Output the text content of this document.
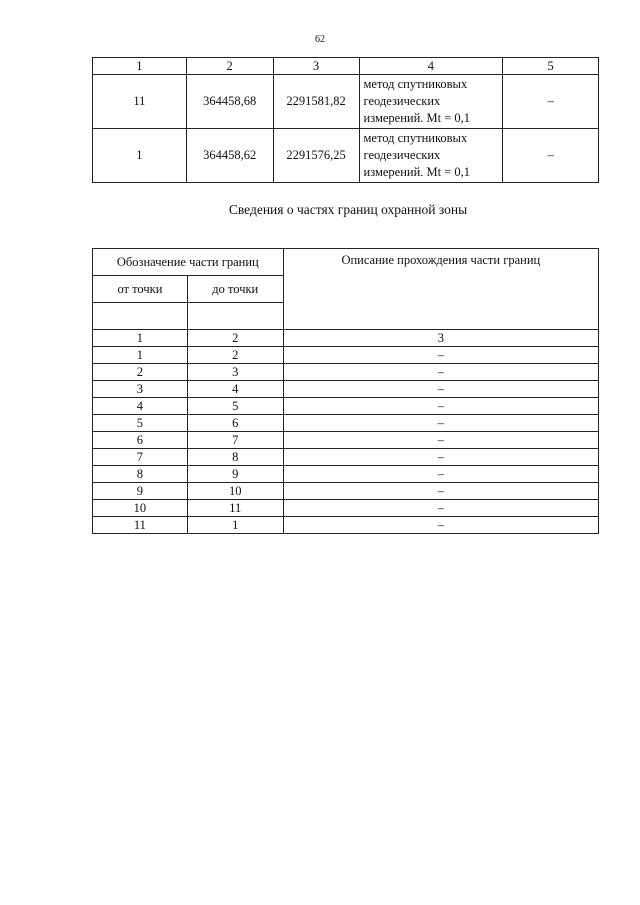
62
1	2	3	4	5
11	364458,68	2291581,82	метод спутниковых
геодезических
измерений. Mt = 0,1	–
1	364458,62	2291576,25	метод спутниковых
геодезических
измерений. Mt = 0,1	–
Сведения о частях границ охранной зоны
Обозначение части границ		Описание прохождения части границ
от точки	до точки	

1	2	3
1	2	–
2	3	–
3	4	–
4	5	–
5	6	–
6	7	–
7	8	–
8	9	–
9	10	–
10	11	–
11	1	–
